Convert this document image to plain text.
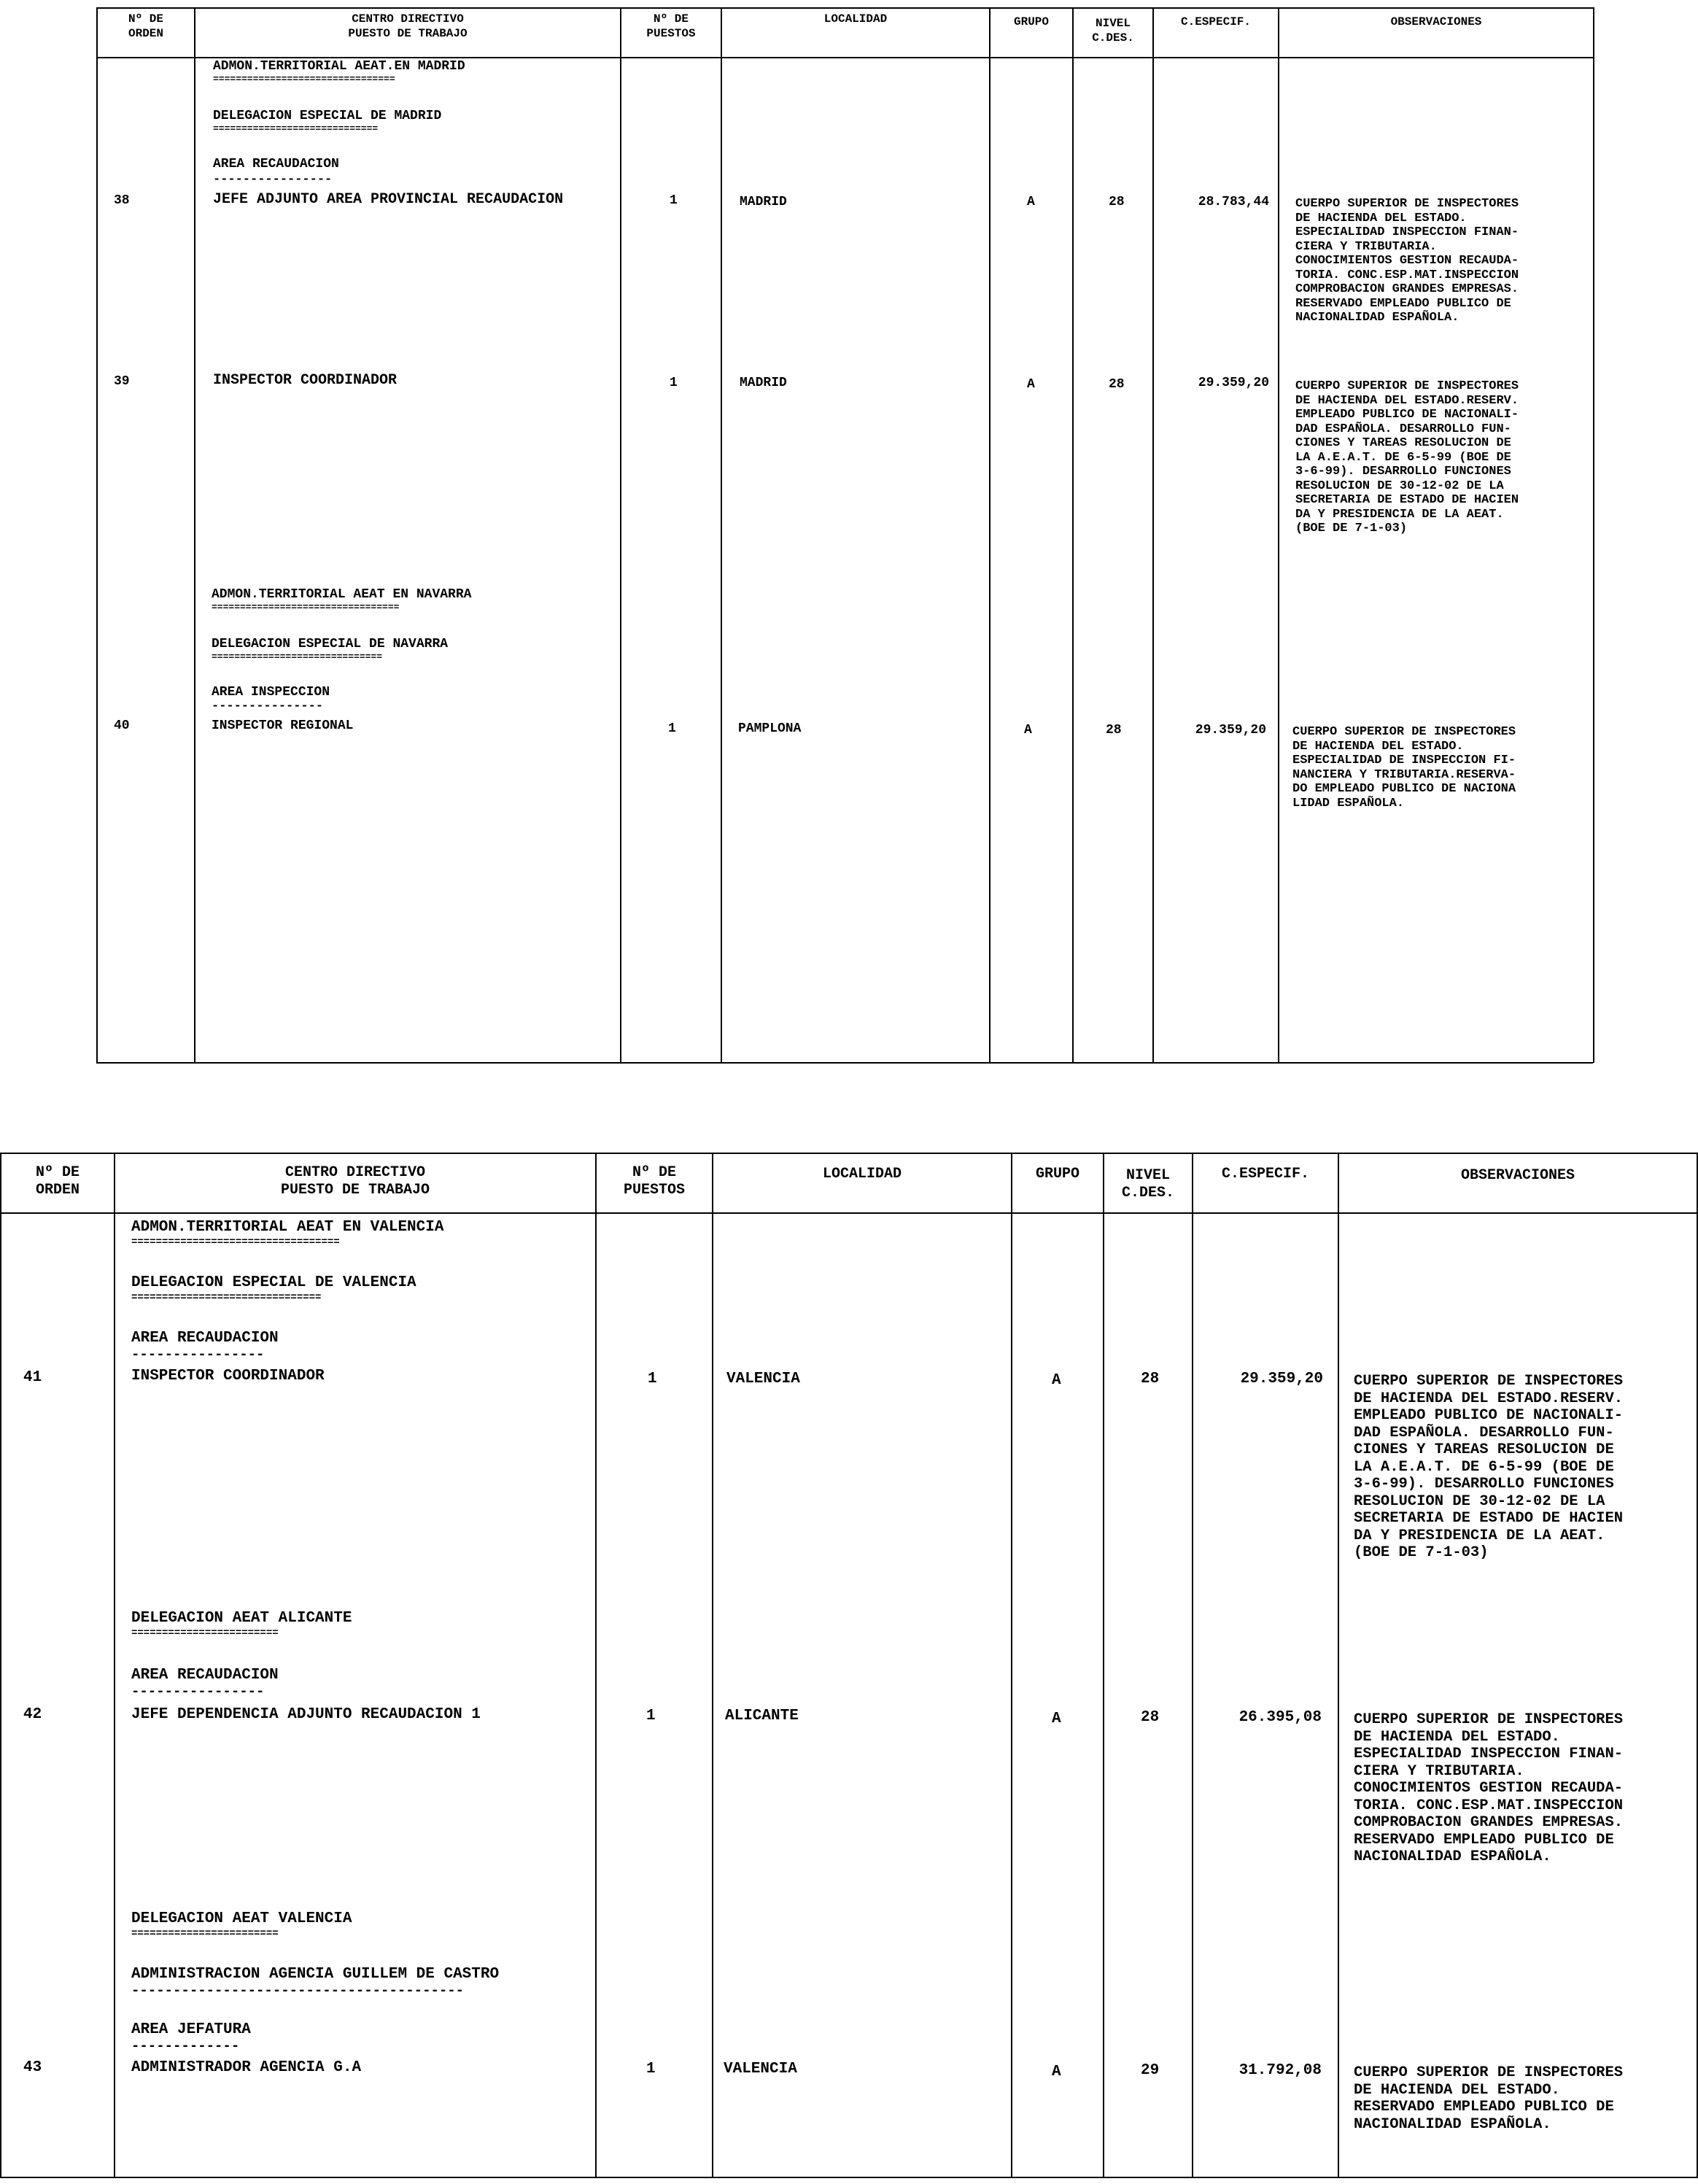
Nº DE
ORDEN
CENTRO DIRECTIVO
PUESTO DE TRABAJO
Nº DE
PUESTOS
LOCALIDAD	GRUPO	NIVEL
C.DES.
C.ESPECIF.	OBSERVACIONES
ADMON.TERRITORIAL AEAT.EN MADRID
================================
DELEGACION ESPECIAL DE MADRID
=============================
AREA RECAUDACION
----------------
38	JEFE ADJUNTO AREA PROVINCIAL RECAUDACION	1	MADRID	A	28	28.783,44 CUERPO SUPERIOR DE INSPECTORES
DE HACIENDA DEL ESTADO.
ESPECIALIDAD INSPECCION FINAN-
CIERA Y TRIBUTARIA.
CONOCIMIENTOS GESTION RECAUDA-
TORIA. CONC.ESP.MAT.INSPECCION
COMPROBACION GRANDES EMPRESAS.
RESERVADO EMPLEADO PUBLICO DE
NACIONALIDAD ESPAÑOLA.
39	INSPECTOR COORDINADOR	1	MADRID	A	28	29.359,20 CUERPO SUPERIOR DE INSPECTORES
DE HACIENDA DEL ESTADO.RESERV.
EMPLEADO PUBLICO DE NACIONALI-
DAD ESPAÑOLA. DESARROLLO FUN-
CIONES Y TAREAS RESOLUCION DE
LA A.E.A.T. DE 6-5-99 (BOE DE
3-6-99). DESARROLLO FUNCIONES
RESOLUCION DE 30-12-02 DE LA
SECRETARIA DE ESTADO DE HACIEN
DA Y PRESIDENCIA DE LA AEAT.
(BOE DE 7-1-03)
ADMON.TERRITORIAL AEAT EN NAVARRA
=================================
DELEGACION ESPECIAL DE NAVARRA
==============================
AREA INSPECCION
---------------
40	INSPECTOR REGIONAL	1	PAMPLONA	A	28	29.359,20 CUERPO SUPERIOR DE INSPECTORES
DE HACIENDA DEL ESTADO.
ESPECIALIDAD DE INSPECCION FI-
NANCIERA Y TRIBUTARIA.RESERVA-
DO EMPLEADO PUBLICO DE NACIONA
LIDAD ESPAÑOLA.
Nº DE
ORDEN
CENTRO DIRECTIVO
PUESTO DE TRABAJO
Nº DE
PUESTOS
LOCALIDAD	GRUPO	NIVEL
C.DES.
C.ESPECIF.	OBSERVACIONES
ADMON.TERRITORIAL AEAT EN VALENCIA
==================================
DELEGACION ESPECIAL DE VALENCIA
===============================
AREA RECAUDACION
----------------
41	INSPECTOR COORDINADOR	1	VALENCIA	A	28	29.359,20 CUERPO SUPERIOR DE INSPECTORES
DE HACIENDA DEL ESTADO.RESERV.
EMPLEADO PUBLICO DE NACIONALI-
DAD ESPAÑOLA. DESARROLLO FUN-
CIONES Y TAREAS RESOLUCION DE
LA A.E.A.T. DE 6-5-99 (BOE DE
3-6-99). DESARROLLO FUNCIONES
RESOLUCION DE 30-12-02 DE LA
SECRETARIA DE ESTADO DE HACIEN
DA Y PRESIDENCIA DE LA AEAT.
(BOE DE 7-1-03)
DELEGACION AEAT ALICANTE
========================
AREA RECAUDACION
----------------
42	JEFE DEPENDENCIA ADJUNTO RECAUDACION 1	1	ALICANTE	A	28	26.395,08 CUERPO SUPERIOR DE INSPECTORES
DE HACIENDA DEL ESTADO.
ESPECIALIDAD INSPECCION FINAN-
CIERA Y TRIBUTARIA.
CONOCIMIENTOS GESTION RECAUDA-
TORIA. CONC.ESP.MAT.INSPECCION
COMPROBACION GRANDES EMPRESAS.
RESERVADO EMPLEADO PUBLICO DE
NACIONALIDAD ESPAÑOLA.
DELEGACION AEAT VALENCIA
========================
ADMINISTRACION AGENCIA GUILLEM DE CASTRO
----------------------------------------
AREA JEFATURA
-------------
43	ADMINISTRADOR AGENCIA G.A	1	VALENCIA	A	29	31.792,08 CUERPO SUPERIOR DE INSPECTORES
DE HACIENDA DEL ESTADO.
RESERVADO EMPLEADO PUBLICO DE
NACIONALIDAD ESPAÑOLA.
